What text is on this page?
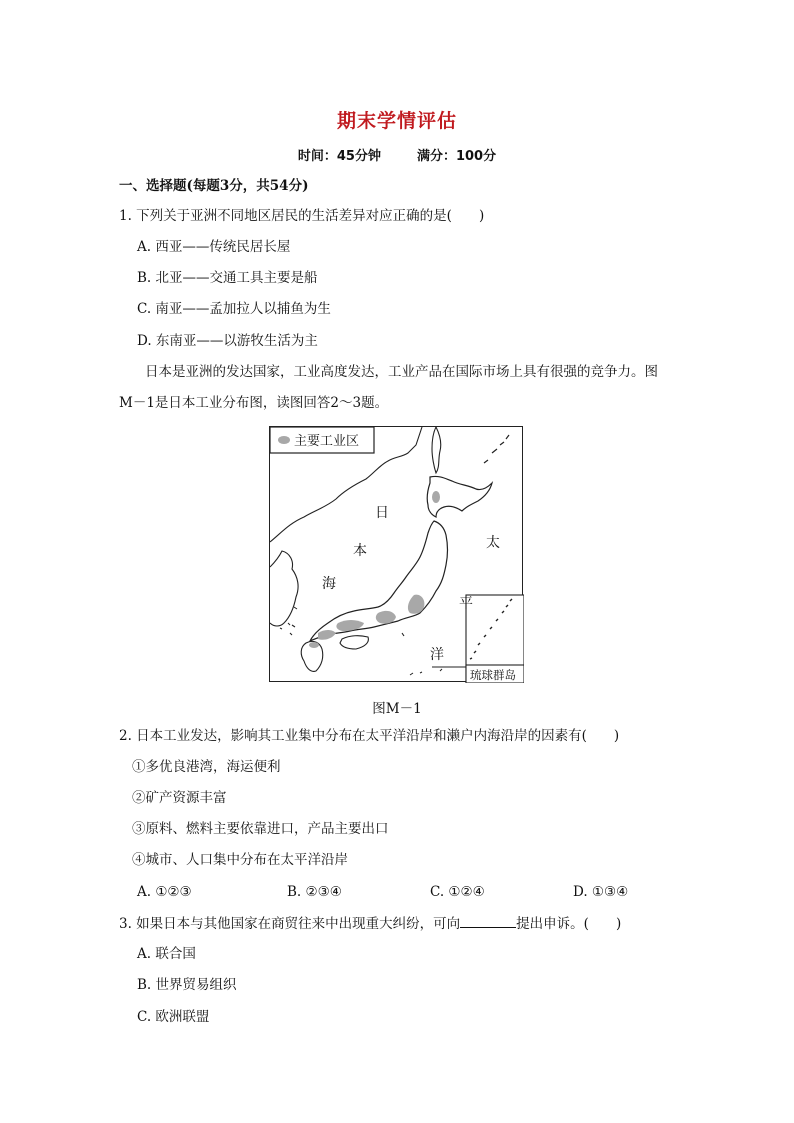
期末学情评估
时间：45分钟	满分：100分
一、选择题(每题3分，共54分)
1. 下列关于亚洲不同地区居民的生活差异对应正确的是(　　)
A. 西亚——传统民居长屋
B. 北亚——交通工具主要是船
C. 南亚——孟加拉人以捕鱼为生
D. 东南亚——以游牧生活为主
日本是亚洲的发达国家，工业高度发达，工业产品在国际市场上具有很强的竞争力。图
M－1是日本工业分布图，读图回答2～3题。
主要工业区
琉球群岛
日
本
海
太
平
洋
图M－1
2. 日本工业发达，影响其工业集中分布在太平洋沿岸和濑户内海沿岸的因素有(　　)
①多优良港湾，海运便利
②矿产资源丰富
③原料、燃料主要依靠进口，产品主要出口
④城市、人口集中分布在太平洋沿岸
A. ①②③	B. ②③④	C. ①②④	D. ①③④
3. 如果日本与其他国家在商贸往来中出现重大纠纷，可向	提出申诉。(　　)
A. 联合国
B. 世界贸易组织
C. 欧洲联盟
